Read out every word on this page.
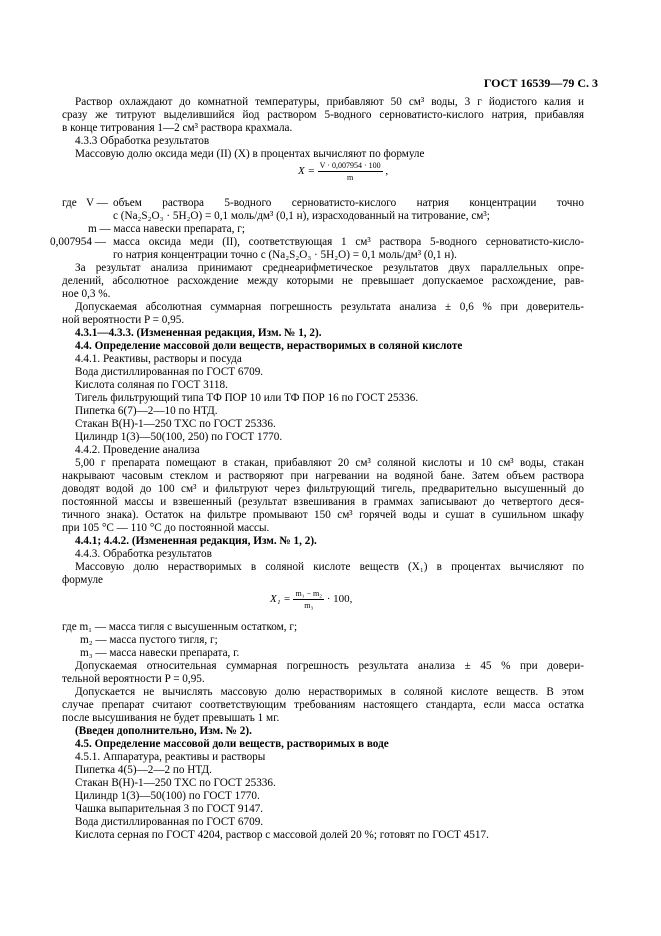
ГОСТ 16539—79 С. 3
Раствор охлаждают до комнатной температуры, прибавляют 50 см³ воды, 3 г йодистого калия и
сразу же титруют выделившийся йод раствором 5-водного серноватисто-кислого натрия, прибавляя
в конце титрования 1—2 см³ раствора крахмала.
4.3.3 Обработка результатов
Массовую долю оксида меди (II) (X) в процентах вычисляют по формуле
$X = \frac{V \cdot 0,007954 \cdot 100}{m}$ ,
где V — объем раствора 5-водного серноватисто-кислого натрия концентрации точно
c (Na₂S₂O₃ · 5H₂O) = 0,1 моль/дм³ (0,1 н), израсходованный на титрование, см³;
m — масса навески препарата, г;
0,007954 — масса оксида меди (II), соответствующая 1 см³ раствора 5-водного серноватисто-кисло-
го натрия концентрации точно c (Na₂S₂O₃ · 5H₂O) = 0,1 моль/дм³ (0,1 н).
За результат анализа принимают среднеарифметическое результатов двух параллельных опре-
делений, абсолютное расхождение между которыми не превышает допускаемое расхождение, рав-
ное 0,3 %.
Допускаемая абсолютная суммарная погрешность результата анализа ± 0,6 % при доверитель-
ной вероятности P = 0,95.
4.3.1—4.3.3. (Измененная редакция, Изм. № 1, 2).
4.4. Определение массовой доли веществ, нерастворимых в соляной кислоте
4.4.1. Реактивы, растворы и посуда
Вода дистиллированная по ГОСТ 6709.
Кислота соляная по ГОСТ 3118.
Тигель фильтрующий типа ТФ ПОР 10 или ТФ ПОР 16 по ГОСТ 25336.
Пипетка 6(7)—2—10 по НТД.
Стакан В(Н)-1—250 ТХС по ГОСТ 25336.
Цилиндр 1(3)—50(100, 250) по ГОСТ 1770.
4.4.2. Проведение анализа
5,00 г препарата помещают в стакан, прибавляют 20 см³ соляной кислоты и 10 см³ воды, стакан
накрывают часовым стеклом и растворяют при нагревании на водяной бане. Затем объем раствора
доводят водой до 100 см³ и фильтруют через фильтрующий тигель, предварительно высушенный до
постоянной массы и взвешенный (результат взвешивания в граммах записывают до четвертого деся-
тичного знака). Остаток на фильтре промывают 150 см³ горячей воды и сушат в сушильном шкафу
при 105 °С — 110 °С до постоянной массы.
4.4.1; 4.4.2. (Измененная редакция, Изм. № 1, 2).
4.4.3. Обработка результатов
Массовую долю нерастворимых в соляной кислоте веществ (X₁) в процентах вычисляют по
формуле
$X_1 = \frac{\text{m₁ − m₂}}{\text{m₃}} \cdot 100$,
где m₁ — масса тигля с высушенным остатком, г;
m₂ — масса пустого тигля, г;
m₃ — масса навески препарата, г.
Допускаемая относительная суммарная погрешность результата анализа ± 45 % при довери-
тельной вероятности P = 0,95.
Допускается не вычислять массовую долю нерастворимых в соляной кислоте веществ. В этом
случае препарат считают соответствующим требованиям настоящего стандарта, если масса остатка
после высушивания не будет превышать 1 мг.
(Введен дополнительно, Изм. № 2).
4.5. Определение массовой доли веществ, растворимых в воде
4.5.1. Аппаратура, реактивы и растворы
Пипетка 4(5)—2—2 по НТД.
Стакан В(Н)-1—250 ТХС по ГОСТ 25336.
Цилиндр 1(3)—50(100) по ГОСТ 1770.
Чашка выпарительная 3 по ГОСТ 9147.
Вода дистиллированная по ГОСТ 6709.
Кислота серная по ГОСТ 4204, раствор с массовой долей 20 %; готовят по ГОСТ 4517.
